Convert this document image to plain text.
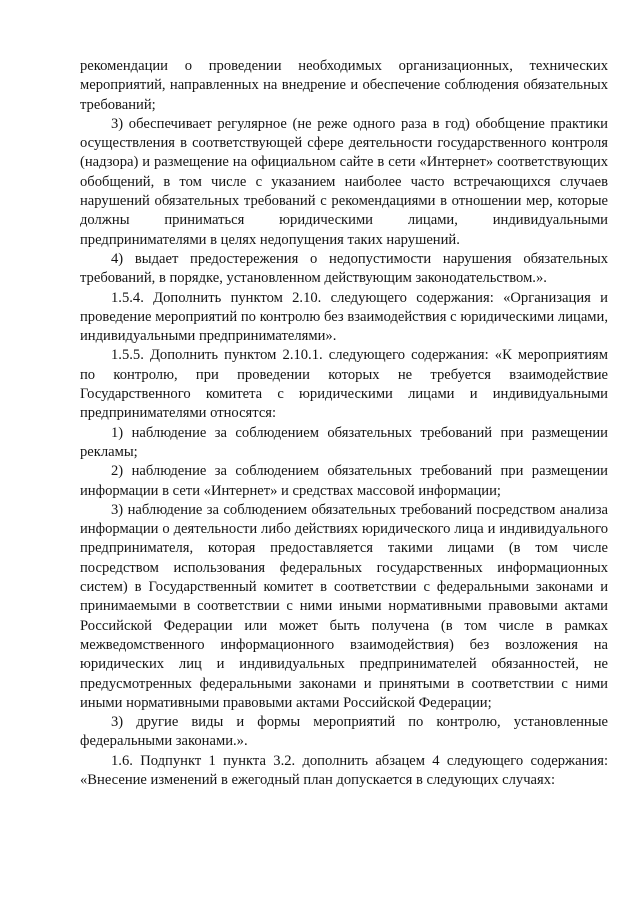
рекомендации о проведении необходимых организационных, технических мероприятий, направленных на внедрение и обеспечение соблюдения обязательных требований;

3) обеспечивает регулярное (не реже одного раза в год) обобщение практики осуществления в соответствующей сфере деятельности государственного контроля (надзора) и размещение на официальном сайте в сети «Интернет» соответствующих обобщений, в том числе с указанием наиболее часто встречающихся случаев нарушений обязательных требований с рекомендациями в отношении мер, которые должны приниматься юридическими лицами, индивидуальными предпринимателями в целях недопущения таких нарушений.

4) выдает предостережения о недопустимости нарушения обязательных требований, в порядке, установленном действующим законодательством.».

1.5.4. Дополнить пунктом 2.10. следующего содержания: «Организация и проведение мероприятий по контролю без взаимодействия с юридическими лицами, индивидуальными предпринимателями».

1.5.5. Дополнить пунктом 2.10.1. следующего содержания: «К мероприятиям по контролю, при проведении которых не требуется взаимодействие Государственного комитета с юридическими лицами и индивидуальными предпринимателями относятся:

1) наблюдение за соблюдением обязательных требований при размещении рекламы;

2) наблюдение за соблюдением обязательных требований при размещении информации в сети «Интернет» и средствах массовой информации;

3) наблюдение за соблюдением обязательных требований посредством анализа информации о деятельности либо действиях юридического лица и индивидуального предпринимателя, которая предоставляется такими лицами (в том числе посредством использования федеральных государственных информационных систем) в Государственный комитет в соответствии с федеральными законами и принимаемыми в соответствии с ними иными нормативными правовыми актами Российской Федерации или может быть получена (в том числе в рамках межведомственного информационного взаимодействия) без возложения на юридических лиц и индивидуальных предпринимателей обязанностей, не предусмотренных федеральными законами и принятыми в соответствии с ними иными нормативными правовыми актами Российской Федерации;

3) другие виды и формы мероприятий по контролю, установленные федеральными законами.».

1.6. Подпункт 1 пункта 3.2. дополнить абзацем 4 следующего содержания: «Внесение изменений в ежегодный план допускается в следующих случаях:
